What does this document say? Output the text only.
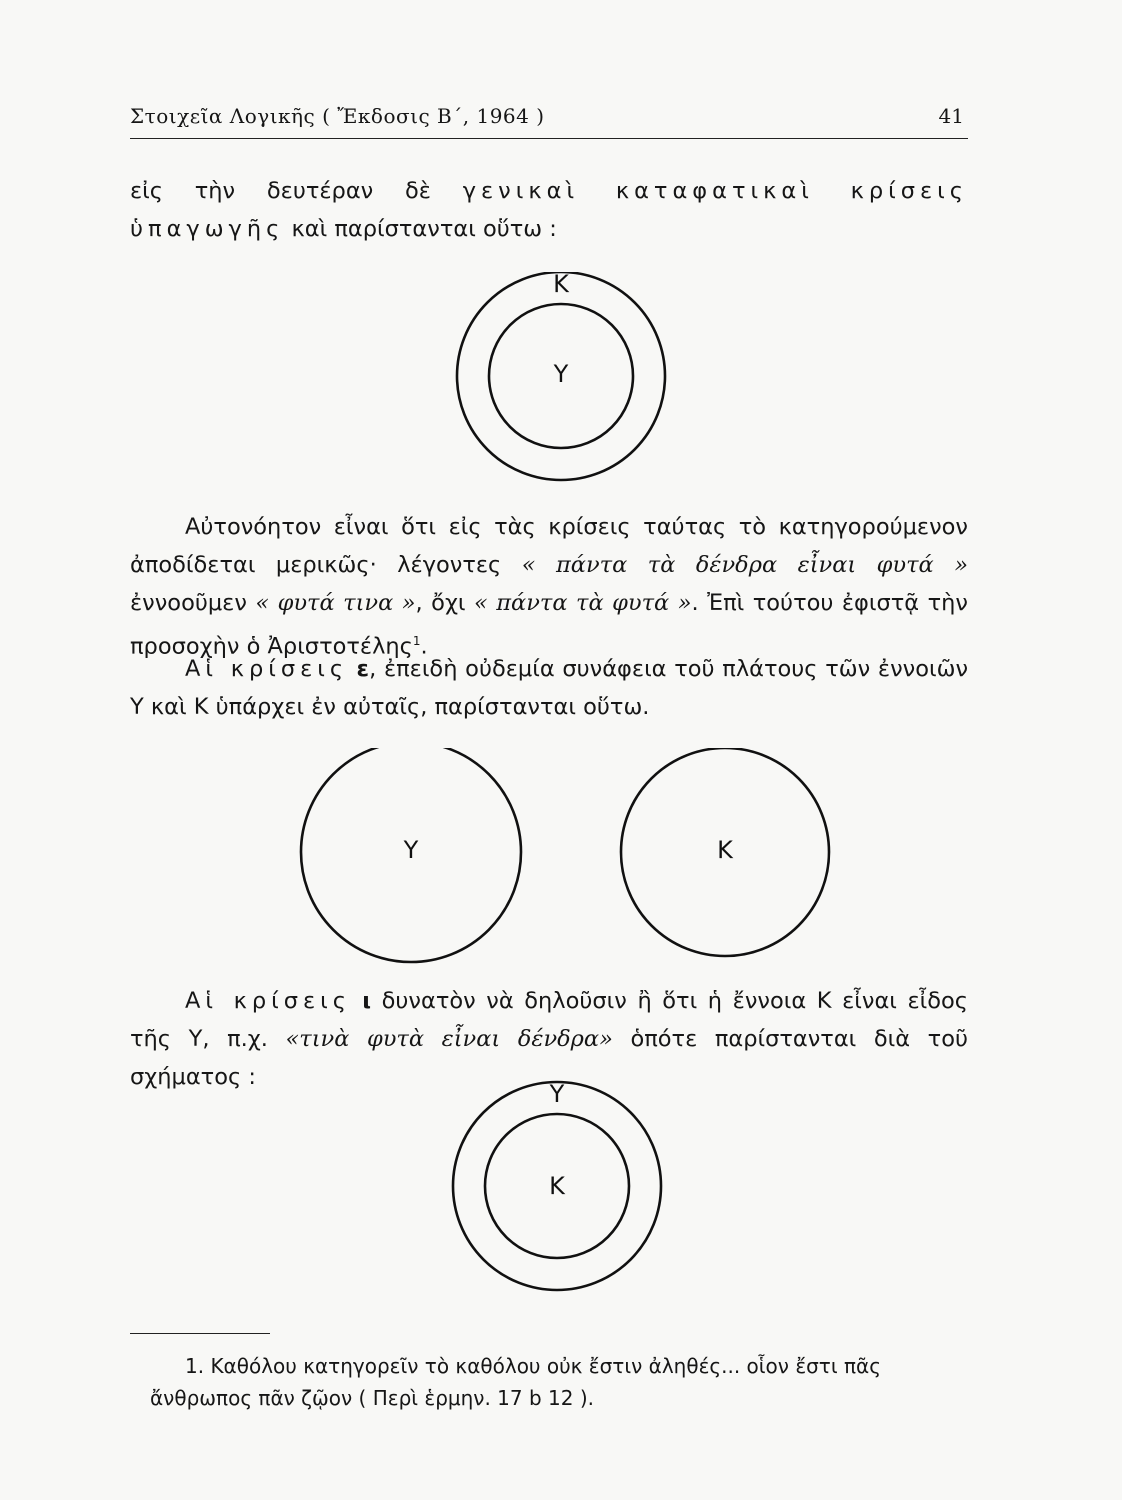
Στοιχεῖα Λογικῆς ( Ἔκδοσις Β΄, 1964 )	41

εἰς τὴν δευτέραν δὲ γενικαὶ καταφατικαὶ κρίσεις ὑπαγωγῆς καὶ παρίστανται οὕτω :

Κ
Υ

Αὐτονόητον εἶναι ὅτι εἰς τὰς κρίσεις ταύτας τὸ κατηγορούμενον ἀποδίδεται μερικῶς· λέγοντες « πάντα τὰ δένδρα εἶναι φυτά » ἐννοοῦμεν « φυτά τινα », ὄχι « πάντα τὰ φυτά ». Ἐπὶ τούτου ἐφιστᾷ τὴν προσοχὴν ὁ Ἀριστοτέλης$^1$.

Αἱ κρίσεις ε, ἐπειδὴ οὐδεμία συνάφεια τοῦ πλάτους τῶν ἐννοιῶν Υ καὶ Κ ὑπάρχει ἐν αὐταῖς, παρίστανται οὕτω.

Υ	Κ

Αἱ κρίσεις ι δυνατὸν νὰ δηλοῦσιν ἢ ὅτι ἡ ἔννοια Κ εἶναι εἶδος τῆς Υ, π.χ. «τινὰ φυτὰ εἶναι δένδρα» ὁπότε παρίστανται διὰ τοῦ σχήματος :

Υ
Κ

1. Καθόλου κατηγορεῖν τὸ καθόλου οὐκ ἔστιν ἀληθές... οἷον ἔστι πᾶς ἄνθρωπος πᾶν ζῷον ( Περὶ ἑρμην. 17 b 12 ).
